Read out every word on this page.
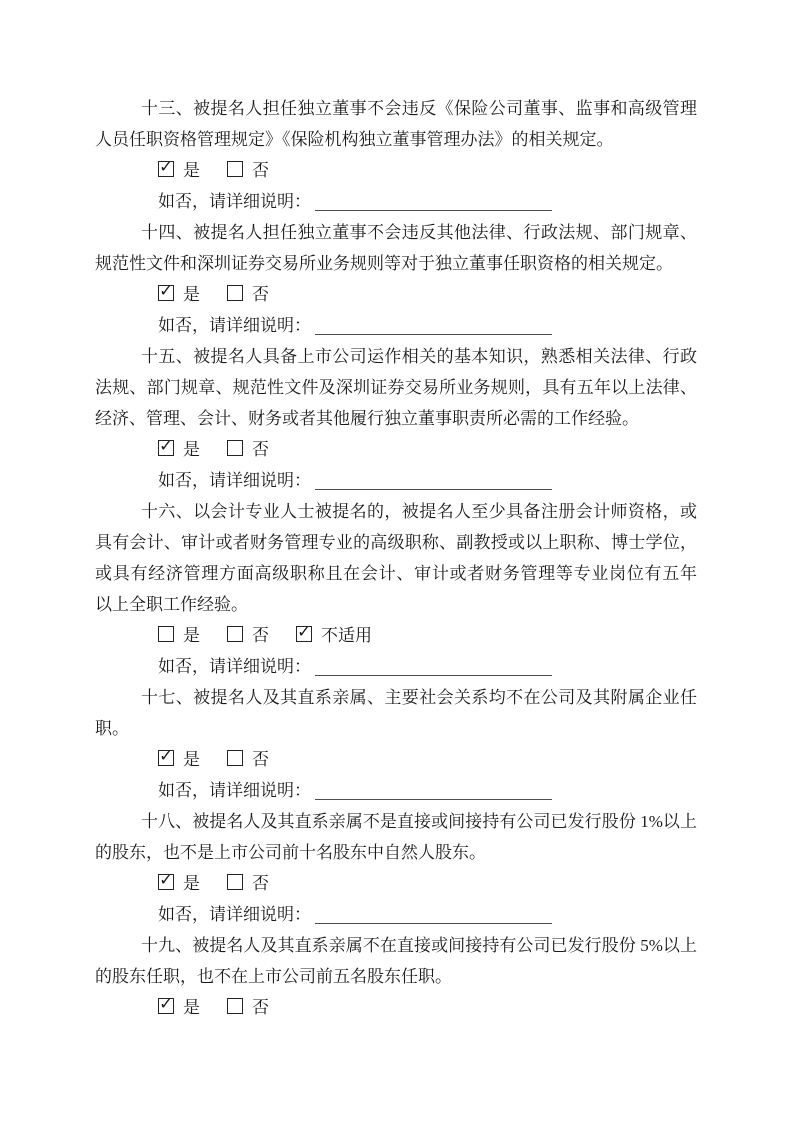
十三、被提名人担任独立董事不会违反《保险公司董事、监事和高级管理
人员任职资格管理规定》《保险机构独立董事管理办法》的相关规定。
✓ 是	否
如否，请详细说明：
十四、被提名人担任独立董事不会违反其他法律、行政法规、部门规章、
规范性文件和深圳证券交易所业务规则等对于独立董事任职资格的相关规定。
✓ 是	否
如否，请详细说明：
十五、被提名人具备上市公司运作相关的基本知识，熟悉相关法律、行政
法规、部门规章、规范性文件及深圳证券交易所业务规则，具有五年以上法律、
经济、管理、会计、财务或者其他履行独立董事职责所必需的工作经验。
✓ 是	否
如否，请详细说明：
十六、以会计专业人士被提名的，被提名人至少具备注册会计师资格，或
具有会计、审计或者财务管理专业的高级职称、副教授或以上职称、博士学位，
或具有经济管理方面高级职称且在会计、审计或者财务管理等专业岗位有五年
以上全职工作经验。
是	否 ✓ 不适用
如否，请详细说明：
十七、被提名人及其直系亲属、主要社会关系均不在公司及其附属企业任
职。
✓ 是	否
如否，请详细说明：
十八、被提名人及其直系亲属不是直接或间接持有公司已发行股份 1%以上
的股东，也不是上市公司前十名股东中自然人股东。
✓ 是	否
如否，请详细说明：
十九、被提名人及其直系亲属不在直接或间接持有公司已发行股份 5%以上
的股东任职，也不在上市公司前五名股东任职。
✓ 是	否
